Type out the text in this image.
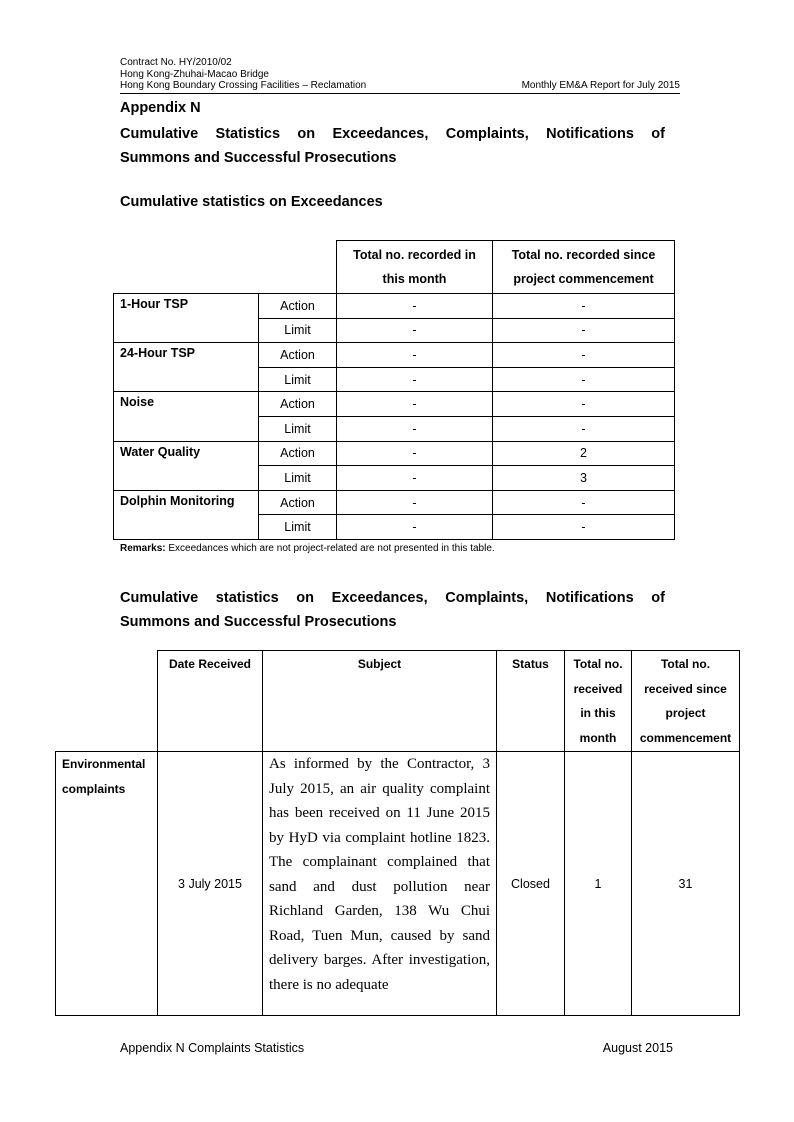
Contract No. HY/2010/02
Hong Kong-Zhuhai-Macao Bridge
Hong Kong Boundary Crossing Facilities – Reclamation	Monthly EM&A Report for July 2015
Appendix N
Cumulative Statistics on Exceedances, Complaints, Notifications of
Summons and Successful Prosecutions
Cumulative statistics on Exceedances
		Total no. recorded in this month	Total no. recorded since project commencement
1-Hour TSP	Action	-	-
	Limit	-	-
24-Hour TSP	Action	-	-
	Limit	-	-
Noise	Action	-	-
	Limit	-	-
Water Quality	Action	-	2
	Limit	-	3
Dolphin Monitoring	Action	-	-
	Limit	-	-
Remarks: Exceedances which are not project-related are not presented in this table.
Cumulative statistics on Exceedances, Complaints, Notifications of
Summons and Successful Prosecutions
	Date Received	Subject	Status	Total no. received in this month	Total no. received since project commencement
Environmental complaints	3 July 2015	As informed by the Contractor, 3 July 2015, an air quality complaint has been received on 11 June 2015 by HyD via complaint hotline 1823. The complainant complained that sand and dust pollution near Richland Garden, 138 Wu Chui Road, Tuen Mun, caused by sand delivery barges. After investigation, there is no adequate	Closed	1	31
Appendix N Complaints Statistics	August 2015
